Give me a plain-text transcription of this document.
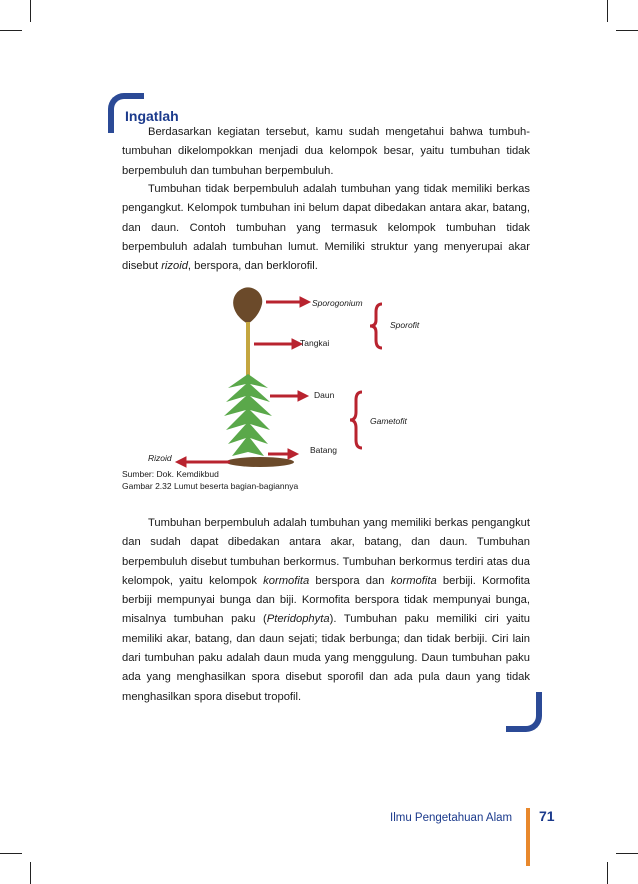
Ingatlah
Berdasarkan kegiatan tersebut, kamu sudah mengetahui bahwa tumbuh-tumbuhan dikelompokkan menjadi dua kelompok besar, yaitu tumbuhan tidak berpembuluh dan tumbuhan berpembuluh.
Tumbuhan tidak berpembuluh adalah tumbuhan yang tidak memiliki berkas pengangkut. Kelompok tumbuhan ini belum dapat dibedakan antara akar, batang, dan daun. Contoh tumbuhan yang termasuk kelompok tumbuhan tidak berpembuluh adalah tumbuhan lumut. Memiliki struktur yang menyerupai akar disebut rizoid, berspora, dan berklorofil.
Sporogonium
Tangkai
Sporofit
Daun
Batang
Gametofit
Rizoid
Sumber: Dok. Kemdikbud
Gambar 2.32 Lumut beserta bagian-bagiannya
Tumbuhan berpembuluh adalah tumbuhan yang memiliki berkas pengangkut dan sudah dapat dibedakan antara akar, batang, dan daun. Tumbuhan berpembuluh disebut tumbuhan berkormus. Tumbuhan berkormus terdiri atas dua kelompok, yaitu kelompok kormofita berspora dan kormofita berbiji. Kormofita berbiji mempunyai bunga dan biji. Kormofita berspora tidak mempunyai bunga, misalnya tumbuhan paku (Pteridophyta). Tumbuhan paku memiliki ciri yaitu memiliki akar, batang, dan daun sejati; tidak berbunga; dan tidak berbiji. Ciri lain dari tumbuhan paku adalah daun muda yang menggulung. Daun tumbuhan paku ada yang menghasilkan spora disebut sporofil dan ada pula daun yang tidak menghasilkan spora disebut tropofil.
Ilmu Pengetahuan Alam 71
